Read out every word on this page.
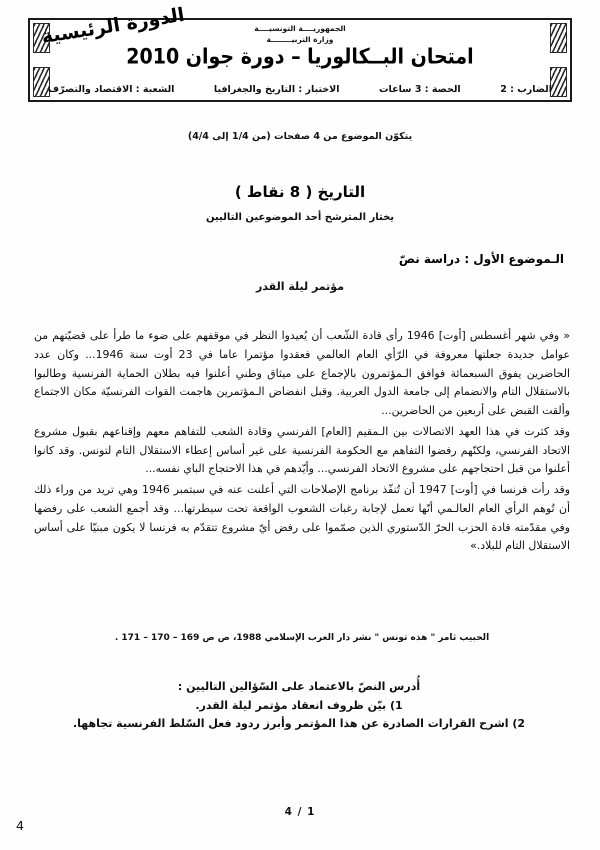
الجمهوريــــة التونسيــــة
وزارة التربيــــــــة
امتحان البــكالوريا – دورة جوان 2010
الدورة الرئيسية
الضارب : 2
الحصة : 3 ساعات
الاختبار : التاريخ والجغرافيا
الشعبة : الاقتصاد والتصرّف
يتكوّن الموضوع من 4 صفحات (من 1/4 إلى 4/4)
التاريخ ( 8 نقاط )
يختار المترشح أحد الموضوعين التاليين
الـموضوع الأول : دراسة نصّ
مؤتمر ليلة القدر

« وفي شهر أغسطس [أوت] 1946 رأى قادة الشّعب أن يُعيدوا النظر في موقفهم على ضوء ما طرأ على قضيّتهم من عوامل جديدة جعلتها معروفة في الرّأي العام العالمي فعقدوا مؤتمرا عاما في 23 أوت سنة 1946... وكان عدد الحاضرين يفوق السبعمائة فوافق الـمؤتمرون بالإجماع على ميثاق وطني أعلنوا فيه بطلان الحماية الفرنسية وطالبوا بالاستقلال التام والانضمام إلى جامعة الدول العربية. وقبل انفضاض الـمؤتمرين هاجمت القوات الفرنسيّة مكان الاجتماع وألقت القبض على أربعين من الحاضرين...

وقد كثرت في هذا العهد الاتصالات بين الـمقيم [العام] الفرنسي وقادة الشعب للتفاهم معهم وإقناعهم بقبول مشروع الاتحاد الفرنسي، ولكنّهم رفضوا التفاهم مع الحكومة الفرنسية على غير أساس إعطاء الاستقلال التام لتونس. وقد كانوا أعلنوا من قبل احتجاجهم على مشروع الاتحاد الفرنسي... وأيّدهم في هذا الاحتجاج الباي نفسه...

وقد رأت فرنسا في [أوت] 1947 أن تُنفّذ برنامج الإصلاحات التي أعلنت عنه في سبتمبر 1946 وهي تريد من وراء ذلك أن تُوهم الرأي العام العالـمي أنّها تعمل لإجابة رغبات الشعوب الواقعة تحت سيطرتها... وقد أجمع الشعب على رفضها وفي مقدّمته قادة الحزب الحرّ الدّستوري الذين صمّموا على رفض أيّ مشروع تتقدّم به فرنسا لا يكون مبنيّا على أساس الاستقلال التام للبلاد.»

الحبيب ثامر " هذه تونس " نشر دار الغرب الإسلامي 1988، ص ص 169 – 170 – 171 .
أُدرس النصّ بالاعتماد على السّؤالين التاليين :
1) بيّن ظروف انعقاد مؤتمر ليلة القدر.
2) اشرح القرارات الصادرة عن هذا المؤتمر وأبرز ردود فعل السّلط الفرنسية تجاهها.
1 / 4
4
